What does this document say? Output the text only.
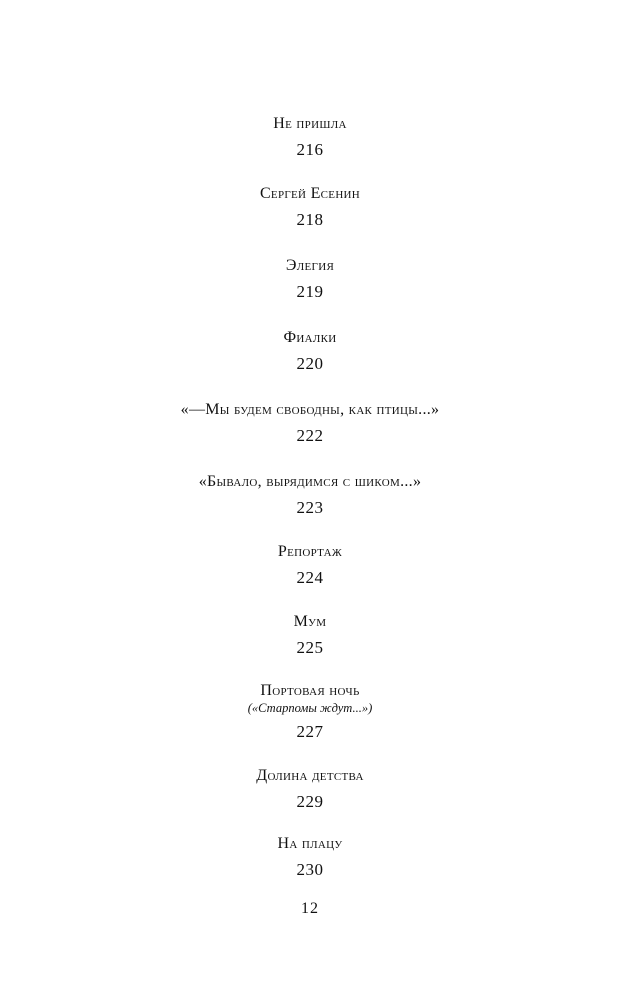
Не пришла
216
Сергей Есенин
218
Элегия
219
Фиалки
220
«—Мы будем свободны, как птицы...»
222
«Бывало, вырядимся с шиком...»
223
Репортаж
224
Мум
225
Портовая ночь
(«Старпомы ждут...»)
227
Долина детства
229
На плацу
230
12
